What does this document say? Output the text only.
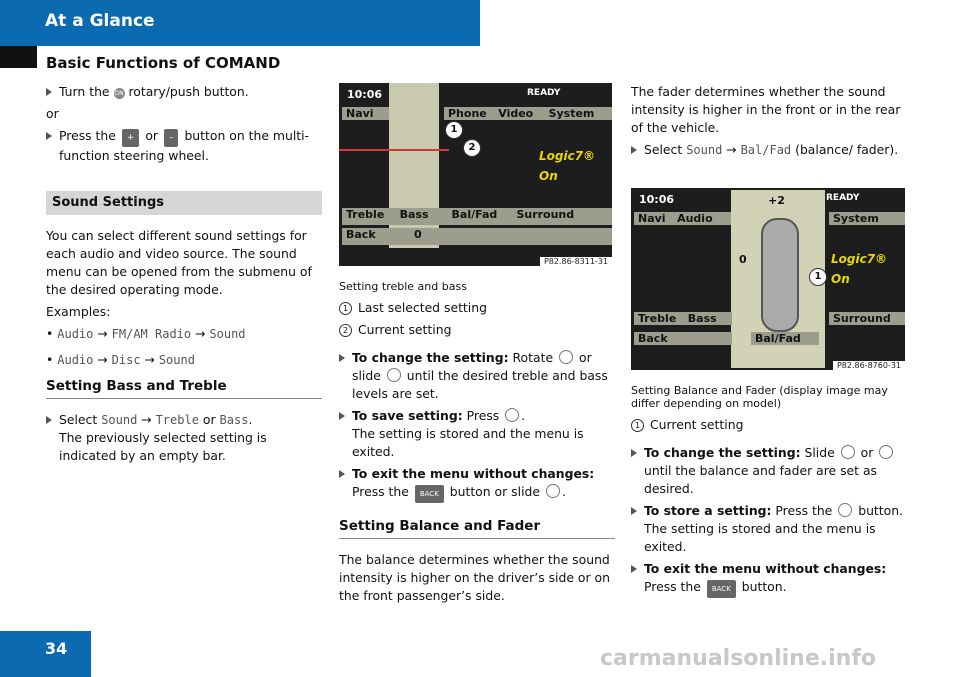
At a Glance
Basic Functions of COMAND
Turn the ON rotary/push button.

or

Press the + or – button on the multi-function steering wheel.
Sound Settings

You can select different sound settings for each audio and video source. The sound menu can be opened from the submenu of the desired operating mode.

Examples:

• Audio → FM/AM Radio → Sound

• Audio → Disc → Sound

Setting Bass and Treble
Select Sound → Treble or Bass.
The previously selected setting is indicated by an empty bar.
10:06	READY
Navi	Phone Video System
Logic7®
On
Treble Bass Bal/Fad Surround
Back	0
P82.86-8311-31
1
2
Setting treble and bass

1 Last selected setting

2 Current setting

To change the setting: Rotate or slide until the desired treble and bass levels are set.
To save setting: Press .
The setting is stored and the menu is exited.
To exit the menu without changes: Press the BACK button or slide .
Setting Balance and Fader

The balance determines whether the sound intensity is higher on the driver’s side or on the front passenger’s side.

The fader determines whether the sound intensity is higher in the front or in the rear of the vehicle.

Select Sound → Bal/Fad (balance/ fader).
10:06	READY
Navi Audio	System
+2
0	Logic7®
On
Treble Bass	Surround
Back	Bal/Fad
P82.86-8760-31
1
Setting Balance and Fader (display image may differ depending on model)

1 Current setting

To change the setting: Slide or  until the balance and fader are set as desired.
To store a setting: Press the button.
The setting is stored and the menu is exited.
To exit the menu without changes: Press the BACK button.
34	carmanualsonline.info
